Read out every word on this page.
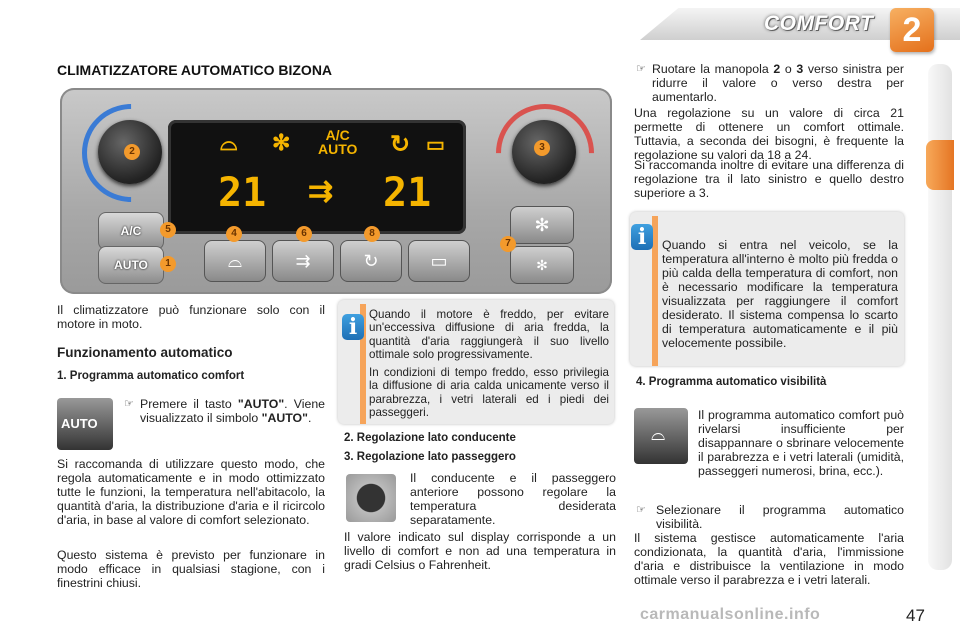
COMFORT 2
CLIMATIZZATORE AUTOMATICO BIZONA
A/C
AUTO
⌓ ✻	↻ ▭
21 ⇉ 21
A/C
AUTO	⌓	⇉	↻	▭
✻
✻
2	3
5
1
4	6	8
7

Il climatizzatore può funzionare solo con il motore in moto.

Funzionamento automatico
1. Programma automatico comfort
AUTO
☞ Premere il tasto "AUTO". Viene visualizzato il simbolo "AUTO".

Si raccomanda di utilizzare questo modo, che regola automaticamente e in modo ottimizzato tutte le funzioni, la temperatura nell'abitacolo, la quantità d'aria, la distribuzione d'aria e il ricircolo d'aria, in base al valore di comfort selezionato.

Questo sistema è previsto per funzionare in modo efficace in qualsiasi stagione, con i finestrini chiusi.

i	Quando il motore è freddo, per evitare un'eccessiva diffusione di aria fredda, la quantità d'aria raggiungerà il suo livello ottimale solo progressivamente.

In condizioni di tempo freddo, esso privilegia la diffusione di aria calda unicamente verso il parabrezza, i vetri laterali ed i piedi dei passeggeri.

2. Regolazione lato conducente
3. Regolazione lato passeggero

Il conducente e il passeggero anteriore possono regolare la temperatura desiderata separatamente.

Il valore indicato sul display corrisponde a un livello di comfort e non ad una temperatura in gradi Celsius o Fahrenheit.

☞ Ruotare la manopola 2 o 3 verso sinistra per ridurre il valore o verso destra per aumentarlo.

Una regolazione su un valore di circa 21 permette di ottenere un comfort ottimale. Tuttavia, a seconda dei bisogni, è frequente la regolazione su valori da 18 a 24.

Si raccomanda inoltre di evitare una differenza di regolazione tra il lato sinistro e quello destro superiore a 3.

i	Quando si entra nel veicolo, se la temperatura all'interno è molto più fredda o più calda della temperatura di comfort, non è necessario modificare la temperatura visualizzata per raggiungere il comfort desiderato. Il sistema compensa lo scarto di temperatura automaticamente e il più velocemente possibile.

4. Programma automatico visibilità
⌓

Il programma automatico comfort può rivelarsi insufficiente per disappannare o sbrinare velocemente il parabrezza e i vetri laterali (umidità, passeggeri numerosi, brina, ecc.).

☞ Selezionare il programma automatico visibilità.

Il sistema gestisce automaticamente l'aria condizionata, la quantità d'aria, l'immissione d'aria e distribuisce la ventilazione in modo ottimale verso il parabrezza e i vetri laterali.

carmanualsonline.info	47
